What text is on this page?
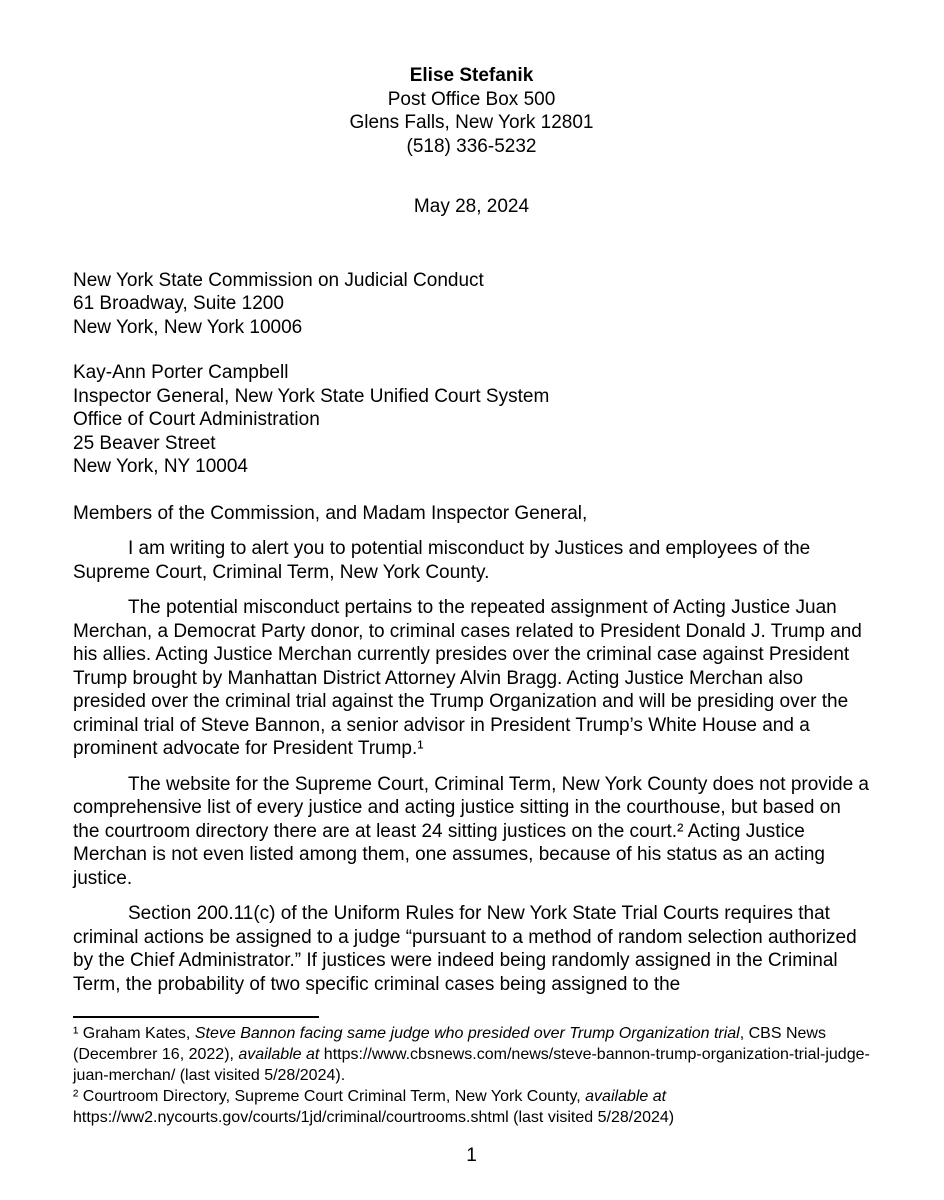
Elise Stefanik
Post Office Box 500
Glens Falls, New York 12801
(518) 336-5232
May 28, 2024
New York State Commission on Judicial Conduct
61 Broadway, Suite 1200
New York, New York 10006
Kay-Ann Porter Campbell
Inspector General, New York State Unified Court System
Office of Court Administration
25 Beaver Street
New York, NY 10004
Members of the Commission, and Madam Inspector General,

I am writing to alert you to potential misconduct by Justices and employees of the Supreme Court, Criminal Term, New York County.

The potential misconduct pertains to the repeated assignment of Acting Justice Juan Merchan, a Democrat Party donor, to criminal cases related to President Donald J. Trump and his allies. Acting Justice Merchan currently presides over the criminal case against President Trump brought by Manhattan District Attorney Alvin Bragg. Acting Justice Merchan also presided over the criminal trial against the Trump Organization and will be presiding over the criminal trial of Steve Bannon, a senior advisor in President Trump’s White House and a prominent advocate for President Trump.¹

The website for the Supreme Court, Criminal Term, New York County does not provide a comprehensive list of every justice and acting justice sitting in the courthouse, but based on the courtroom directory there are at least 24 sitting justices on the court.² Acting Justice Merchan is not even listed among them, one assumes, because of his status as an acting justice.

Section 200.11(c) of the Uniform Rules for New York State Trial Courts requires that criminal actions be assigned to a judge “pursuant to a method of random selection authorized by the Chief Administrator.” If justices were indeed being randomly assigned in the Criminal Term, the probability of two specific criminal cases being assigned to the

¹ Graham Kates, Steve Bannon facing same judge who presided over Trump Organization trial, CBS News (Decembrer 16, 2022), available at https://www.cbsnews.com/news/steve-bannon-trump-organization-trial-judge-juan-merchan/ (last visited 5/28/2024).
² Courtroom Directory, Supreme Court Criminal Term, New York County, available at https://ww2.nycourts.gov/courts/1jd/criminal/courtrooms.shtml (last visited 5/28/2024)
1
